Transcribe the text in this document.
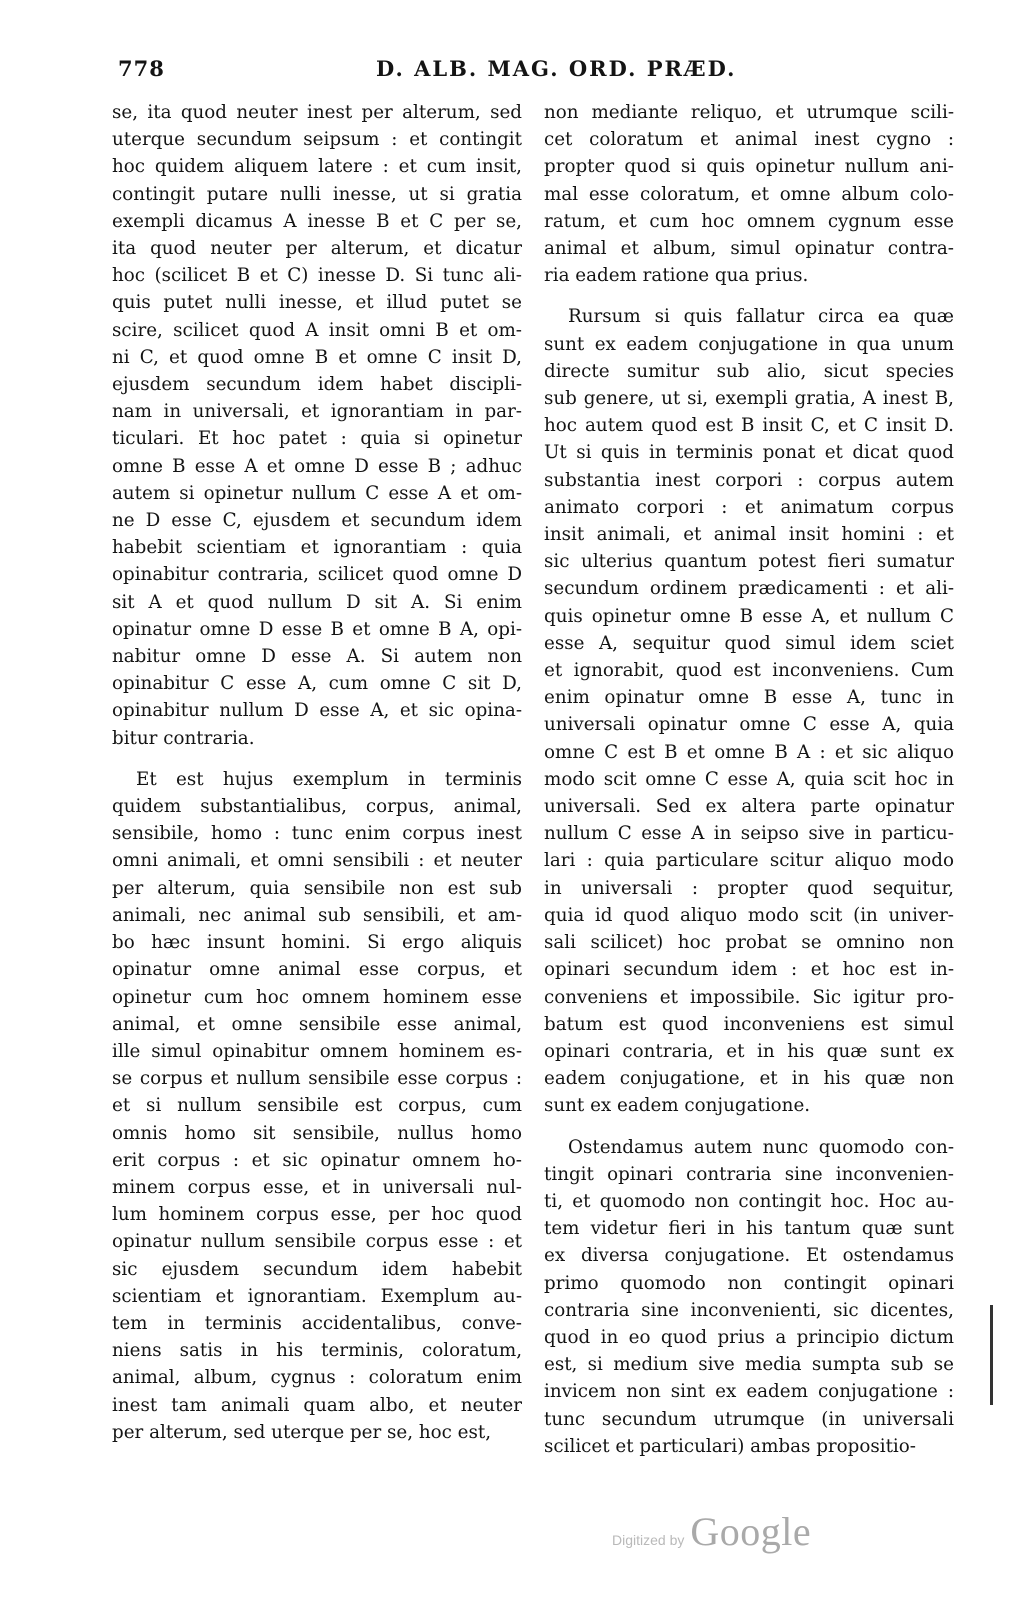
778	D. ALB. MAG. ORD. PRÆD.
se, ita quod neuter inest per alterum, sed
uterque secundum seipsum : et contingit
hoc quidem aliquem latere : et cum insit,
contingit putare nulli inesse, ut si gratia
exempli dicamus A inesse B et C per se,
ita quod neuter per alterum, et dicatur
hoc (scilicet B et C) inesse D. Si tunc ali-
quis putet nulli inesse, et illud putet se
scire, scilicet quod A insit omni B et om-
ni C, et quod omne B et omne C insit D,
ejusdem secundum idem habet discipli-
nam in universali, et ignorantiam in par-
ticulari. Et hoc patet : quia si opinetur
omne B esse A et omne D esse B ; adhuc
autem si opinetur nullum C esse A et om-
ne D esse C, ejusdem et secundum idem
habebit scientiam et ignorantiam : quia
opinabitur contraria, scilicet quod omne D
sit A et quod nullum D sit A. Si enim
opinatur omne D esse B et omne B A, opi-
nabitur omne D esse A. Si autem non
opinabitur C esse A, cum omne C sit D,
opinabitur nullum D esse A, et sic opina-
bitur contraria.
Et est hujus exemplum in terminis
quidem substantialibus, corpus, animal,
sensibile, homo : tunc enim corpus inest
omni animali, et omni sensibili : et neuter
per alterum, quia sensibile non est sub
animali, nec animal sub sensibili, et am-
bo hæc insunt homini. Si ergo aliquis
opinatur omne animal esse corpus, et
opinetur cum hoc omnem hominem esse
animal, et omne sensibile esse animal,
ille simul opinabitur omnem hominem es-
se corpus et nullum sensibile esse corpus :
et si nullum sensibile est corpus, cum
omnis homo sit sensibile, nullus homo
erit corpus : et sic opinatur omnem ho-
minem corpus esse, et in universali nul-
lum hominem corpus esse, per hoc quod
opinatur nullum sensibile corpus esse : et
sic ejusdem secundum idem habebit
scientiam et ignorantiam. Exemplum au-
tem in terminis accidentalibus, conve-
niens satis in his terminis, coloratum,
animal, album, cygnus : coloratum enim
inest tam animali quam albo, et neuter
per alterum, sed uterque per se, hoc est,
non mediante reliquo, et utrumque scili-
cet coloratum et animal inest cygno :
propter quod si quis opinetur nullum ani-
mal esse coloratum, et omne album colo-
ratum, et cum hoc omnem cygnum esse
animal et album, simul opinatur contra-
ria eadem ratione qua prius.
Rursum si quis fallatur circa ea quæ
sunt ex eadem conjugatione in qua unum
directe sumitur sub alio, sicut species
sub genere, ut si, exempli gratia, A inest B,
hoc autem quod est B insit C, et C insit D.
Ut si quis in terminis ponat et dicat quod
substantia inest corpori : corpus autem
animato corpori : et animatum corpus
insit animali, et animal insit homini : et
sic ulterius quantum potest fieri sumatur
secundum ordinem prædicamenti : et ali-
quis opinetur omne B esse A, et nullum C
esse A, sequitur quod simul idem sciet
et ignorabit, quod est inconveniens. Cum
enim opinatur omne B esse A, tunc in
universali opinatur omne C esse A, quia
omne C est B et omne B A : et sic aliquo
modo scit omne C esse A, quia scit hoc in
universali. Sed ex altera parte opinatur
nullum C esse A in seipso sive in particu-
lari : quia particulare scitur aliquo modo
in universali : propter quod sequitur,
quia id quod aliquo modo scit (in univer-
sali scilicet) hoc probat se omnino non
opinari secundum idem : et hoc est in-
conveniens et impossibile. Sic igitur pro-
batum est quod inconveniens est simul
opinari contraria, et in his quæ sunt ex
eadem conjugatione, et in his quæ non
sunt ex eadem conjugatione.
Ostendamus autem nunc quomodo con-
tingit opinari contraria sine inconvenien-
ti, et quomodo non contingit hoc. Hoc au-
tem videtur fieri in his tantum quæ sunt
ex diversa conjugatione. Et ostendamus
primo quomodo non contingit opinari
contraria sine inconvenienti, sic dicentes,
quod in eo quod prius a principio dictum
est, si medium sive media sumpta sub se
invicem non sint ex eadem conjugatione :
tunc secundum utrumque (in universali
scilicet et particulari) ambas propositio-
Digitized by Google
